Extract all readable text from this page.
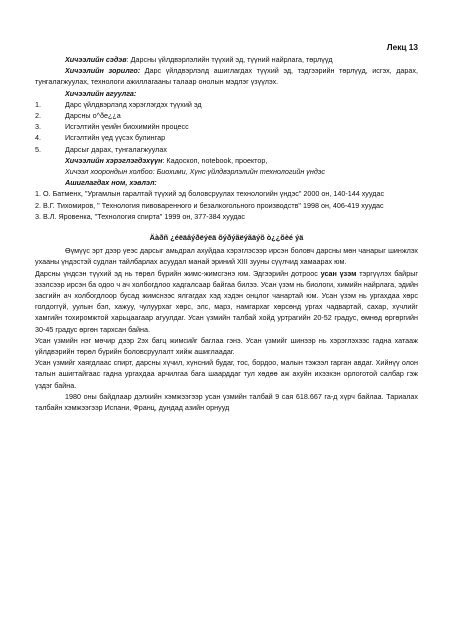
Лекц 13

Хичээлийн сэдэв: Дарсны үйлдвэрлэлийн түүхий эд, түүний найрлага, төрлүүд

Хичээлийн зорилго: Дарс үйлдвэрлэлд ашиглагдах түүхий эд, тэдгээрийн төрлүүд, исгэх, дарах, тунгалагжуулах, технологи ажиллагааны талаар онолын мэдлэг үзүүлэх.

Хичээлийн агуулга:

1.	Дарс үйлдвэрлэлд хэрэглэгдэх түүхий эд
2.	Дарсны о^ðе¿¿а
3.	Исгэлтийн үеийн биохимийн процесс
4.	Исгэлтийн үед үүсэх булингар
5.	Дарсыг дарах, тунгалагжуулах

Хичээлийн хэрэглэгдэхүүн: Кадоскоп, notebook, проектор,

Хичээл хоорондын холбоо: Биохими, Хүнс үйлдвэрлэлийн технологийн үндэс

Ашиглагдах ном, хэвлэл:

1. О. Батменх, "Ургамлын гаралтай түүхий эд боловсруулах технологийн үндэс" 2000 он, 140-144 хуудас

2. В.Г. Тихомиров, " Технология пивоваренного и безалкогольного производств" 1998 он, 406-419 хуудас

3. В.Л. Яровенка, "Технология спирта" 1999 он, 377-384 хуудас

Äàðñ ¿éëäâýðëýëä õýðýãëýãäýõ ò¿¿õèé ýä

Өүмүүс эрт дээр үеэс дарсыг амьдрал ахуйдаа хэрэглэсээр ирсэн боловч дарсны мөн чанарыг шинжлэх ухааны үндэстэй судлан тайлбарлах асуудал манай эриний XIII зууны сүүлчид хамаарах юм.

Дарсны үндсэн түүхий эд нь төрөл бүрийн жимс-жимсгэнэ юм. Эдгээрийн дотроос усан үзэм тэргүүлэх байрыг эзэлсээр ирсэн ба одоо ч ач холбогдлоо хадгалсаар байгаа билээ. Усан үзэм нь биологи, химийн найрлага, эдийн засгийн ач холбогдлоор бусад жимснээс ялгагдах хэд хэдэн онцлог чанартай юм. Усан үзэм нь ургахдаа хөрс голдоггүй, уулын бэл, хажуу, чулуурхаг хөрс, элс, марз, намгархаг хөрсөнд ургах чадвартай, сахар, хүчлийг хамгийн тохиромжтой харьцаагаар агуулдаг. Усан үзмийн талбай хойд уртрагийн 20-52 градус, өмнөд өргөргийн 30-45 градус өргөн тархсан байна.

Усан үзмийн нэг мөчир дээр 2эх багц жимсийг баглаа гэнэ. Усан үзмийг шинээр нь хэрэглэхээс гадна хатааж үйлдвэрийн төрөл бүрийн боловсруулалт хийж ашиглаадаг.

Усан үзмийг хаягдлаас спирт, дарсны хүчил, хүнсний будаг, тос, бордоо, малын тэжээл гарган авдаг. Хийнүү олон талын ашигтайгаас гадна ургахдаа арчилгаа бага шаарддаг тул хөдөө аж ахуйн ихээхэн орлоготой салбар гэж үздэг байна.

1980 оны байдлаар дэлхийн хэмжээгээр усан үзмийн талбай 9 сая 618.667 га-д хүрч байлаа. Тариалах талбайн хэмжээгээр Испани, Франц, дундад азийн орнууд
